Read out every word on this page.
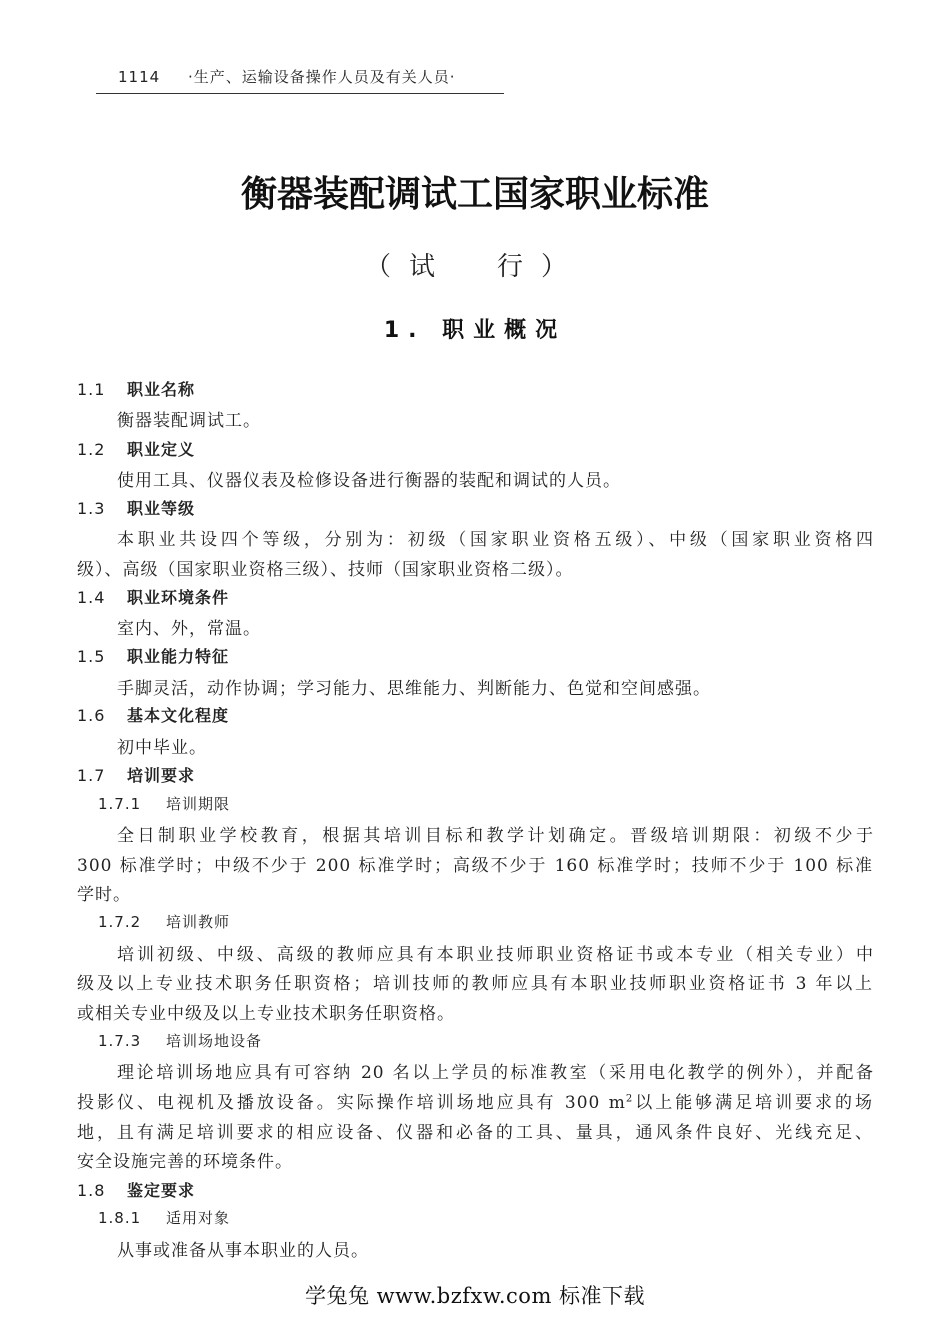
1114 ·生产、运输设备操作人员及有关人员·
衡器装配调试工国家职业标准
（试　行）
1. 职业概况
1.1 职业名称
衡器装配调试工。
1.2 职业定义
使用工具、仪器仪表及检修设备进行衡器的装配和调试的人员。
1.3 职业等级
本职业共设四个等级，分别为：初级（国家职业资格五级）、中级（国家职业资格四
级）、高级（国家职业资格三级）、技师（国家职业资格二级）。
1.4 职业环境条件
室内、外，常温。
1.5 职业能力特征
手脚灵活，动作协调；学习能力、思维能力、判断能力、色觉和空间感强。
1.6 基本文化程度
初中毕业。
1.7 培训要求
1.7.1 培训期限
全日制职业学校教育，根据其培训目标和教学计划确定。晋级培训期限：初级不少于
300 标准学时；中级不少于 200 标准学时；高级不少于 160 标准学时；技师不少于 100 标准
学时。
1.7.2 培训教师
培训初级、中级、高级的教师应具有本职业技师职业资格证书或本专业（相关专业）中
级及以上专业技术职务任职资格；培训技师的教师应具有本职业技师职业资格证书 3 年以上
或相关专业中级及以上专业技术职务任职资格。
1.7.3 培训场地设备
理论培训场地应具有可容纳 20 名以上学员的标准教室（采用电化教学的例外），并配备
投影仪、电视机及播放设备。实际操作培训场地应具有 300 $m^2$以上能够满足培训要求的场
地，且有满足培训要求的相应设备、仪器和必备的工具、量具，通风条件良好、光线充足、
安全设施完善的环境条件。
1.8 鉴定要求
1.8.1 适用对象
从事或准备从事本职业的人员。
学兔兔 www.bzfxw.com 标准下载
